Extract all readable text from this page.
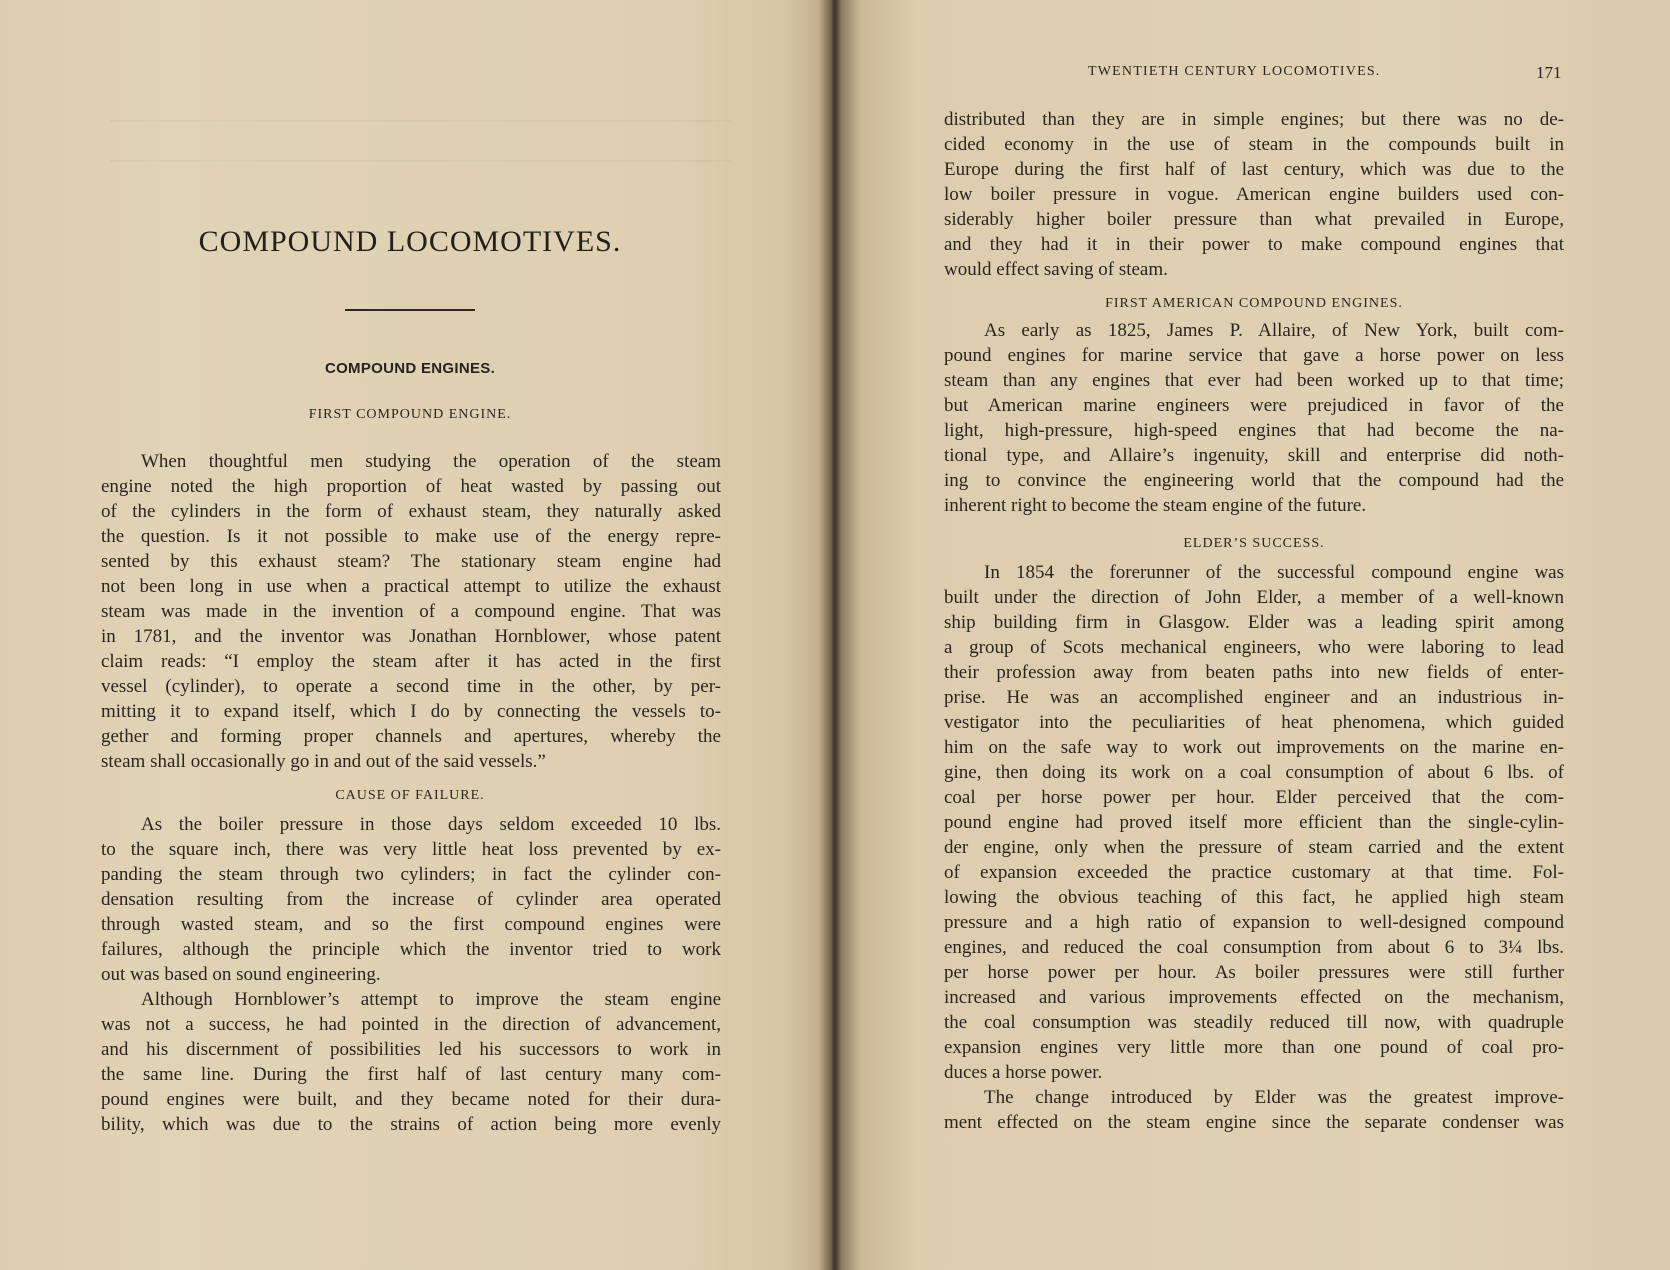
COMPOUND LOCOMOTIVES.
COMPOUND ENGINES.
FIRST COMPOUND ENGINE.
When thoughtful men studying the operation of the steam
engine noted the high proportion of heat wasted by passing out
of the cylinders in the form of exhaust steam, they naturally asked
the question. Is it not possible to make use of the energy repre-
sented by this exhaust steam? The stationary steam engine had
not been long in use when a practical attempt to utilize the exhaust
steam was made in the invention of a compound engine. That was
in 1781, and the inventor was Jonathan Hornblower, whose patent
claim reads: “I employ the steam after it has acted in the first
vessel (cylinder), to operate a second time in the other, by per-
mitting it to expand itself, which I do by connecting the vessels to-
gether and forming proper channels and apertures, whereby the
steam shall occasionally go in and out of the said vessels.”
CAUSE OF FAILURE.
As the boiler pressure in those days seldom exceeded 10 lbs.
to the square inch, there was very little heat loss prevented by ex-
panding the steam through two cylinders; in fact the cylinder con-
densation resulting from the increase of cylinder area operated
through wasted steam, and so the first compound engines were
failures, although the principle which the inventor tried to work
out was based on sound engineering.
Although Hornblower’s attempt to improve the steam engine
was not a success, he had pointed in the direction of advancement,
and his discernment of possibilities led his successors to work in
the same line. During the first half of last century many com-
pound engines were built, and they became noted for their dura-
bility, which was due to the strains of action being more evenly
TWENTIETH CENTURY LOCOMOTIVES.	171
distributed than they are in simple engines; but there was no de-
cided economy in the use of steam in the compounds built in
Europe during the first half of last century, which was due to the
low boiler pressure in vogue. American engine builders used con-
siderably higher boiler pressure than what prevailed in Europe,
and they had it in their power to make compound engines that
would effect saving of steam.
FIRST AMERICAN COMPOUND ENGINES.
As early as 1825, James P. Allaire, of New York, built com-
pound engines for marine service that gave a horse power on less
steam than any engines that ever had been worked up to that time;
but American marine engineers were prejudiced in favor of the
light, high-pressure, high-speed engines that had become the na-
tional type, and Allaire’s ingenuity, skill and enterprise did noth-
ing to convince the engineering world that the compound had the
inherent right to become the steam engine of the future.
ELDER’S SUCCESS.
In 1854 the forerunner of the successful compound engine was
built under the direction of John Elder, a member of a well-known
ship building firm in Glasgow. Elder was a leading spirit among
a group of Scots mechanical engineers, who were laboring to lead
their profession away from beaten paths into new fields of enter-
prise. He was an accomplished engineer and an industrious in-
vestigator into the peculiarities of heat phenomena, which guided
him on the safe way to work out improvements on the marine en-
gine, then doing its work on a coal consumption of about 6 lbs. of
coal per horse power per hour. Elder perceived that the com-
pound engine had proved itself more efficient than the single-cylin-
der engine, only when the pressure of steam carried and the extent
of expansion exceeded the practice customary at that time. Fol-
lowing the obvious teaching of this fact, he applied high steam
pressure and a high ratio of expansion to well-designed compound
engines, and reduced the coal consumption from about 6 to 3¼ lbs.
per horse power per hour. As boiler pressures were still further
increased and various improvements effected on the mechanism,
the coal consumption was steadily reduced till now, with quadruple
expansion engines very little more than one pound of coal pro-
duces a horse power.
The change introduced by Elder was the greatest improve-
ment effected on the steam engine since the separate condenser was
